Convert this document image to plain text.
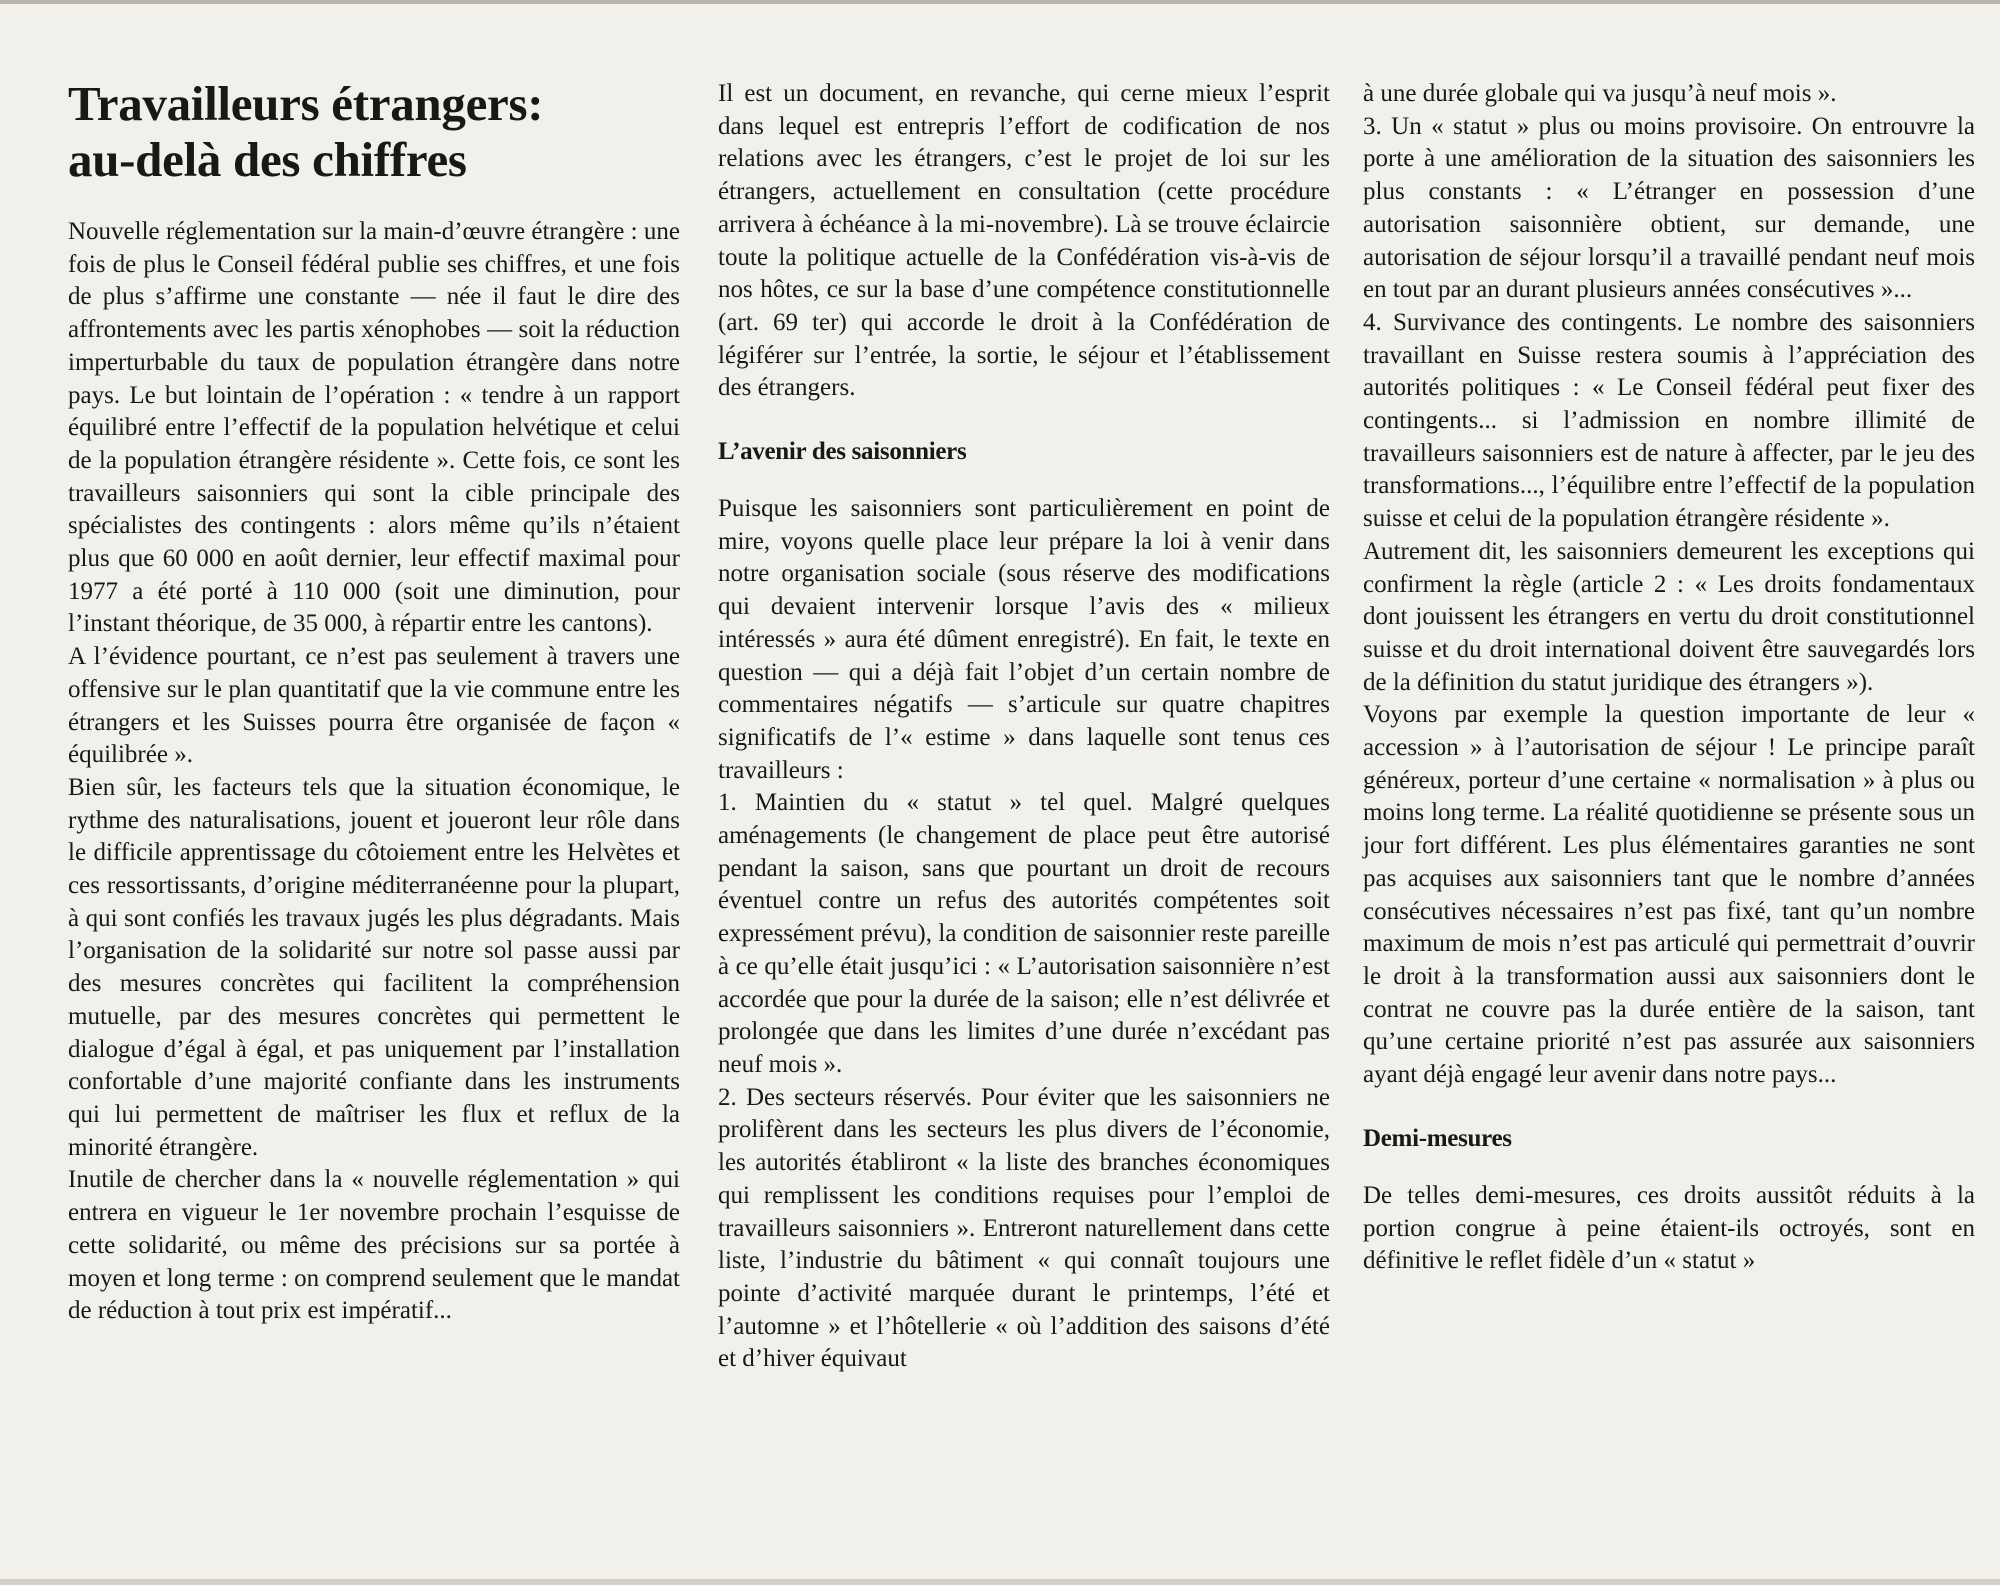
Travailleurs étrangers:
au-delà des chiffres

Nouvelle réglementation sur la main-d’œuvre étrangère : une fois de plus le Conseil fédéral publie ses chiffres, et une fois de plus s’affirme une constante — née il faut le dire des affrontements avec les partis xénophobes — soit la réduction imperturbable du taux de population étrangère dans notre pays. Le but lointain de l’opération : « tendre à un rapport équilibré entre l’effectif de la population helvétique et celui de la population étrangère résidente ». Cette fois, ce sont les travailleurs saisonniers qui sont la cible principale des spécialistes des contingents : alors même qu’ils n’étaient plus que 60 000 en août dernier, leur effectif maximal pour 1977 a été porté à 110 000 (soit une diminution, pour l’instant théorique, de 35 000, à répartir entre les cantons).

A l’évidence pourtant, ce n’est pas seulement à travers une offensive sur le plan quantitatif que la vie commune entre les étrangers et les Suisses pourra être organisée de façon « équilibrée ».

Bien sûr, les facteurs tels que la situation économique, le rythme des naturalisations, jouent et joueront leur rôle dans le difficile apprentissage du côtoiement entre les Helvètes et ces ressortissants, d’origine méditerranéenne pour la plupart, à qui sont confiés les travaux jugés les plus dégradants. Mais l’organisation de la solidarité sur notre sol passe aussi par des mesures concrètes qui facilitent la compréhension mutuelle, par des mesures concrètes qui permettent le dialogue d’égal à égal, et pas uniquement par l’installation confortable d’une majorité confiante dans les instruments qui lui permettent de maîtriser les flux et reflux de la minorité étrangère.

Inutile de chercher dans la « nouvelle réglementation » qui entrera en vigueur le 1er novembre prochain l’esquisse de cette solidarité, ou même des précisions sur sa portée à moyen et long terme : on comprend seulement que le mandat de réduction à tout prix est impératif...

Il est un document, en revanche, qui cerne mieux l’esprit dans lequel est entrepris l’effort de codification de nos relations avec les étrangers, c’est le projet de loi sur les étrangers, actuellement en consultation (cette procédure arrivera à échéance à la mi-novembre). Là se trouve éclaircie toute la politique actuelle de la Confédération vis-à-vis de nos hôtes, ce sur la base d’une compétence constitutionnelle (art. 69 ter) qui accorde le droit à la Confédération de légiférer sur l’entrée, la sortie, le séjour et l’établissement des étrangers.

L’avenir des saisonniers

Puisque les saisonniers sont particulièrement en point de mire, voyons quelle place leur prépare la loi à venir dans notre organisation sociale (sous réserve des modifications qui devaient intervenir lorsque l’avis des « milieux intéressés » aura été dûment enregistré). En fait, le texte en question — qui a déjà fait l’objet d’un certain nombre de commentaires négatifs — s’articule sur quatre chapitres significatifs de l’« estime » dans laquelle sont tenus ces travailleurs :

1. Maintien du « statut » tel quel. Malgré quelques aménagements (le changement de place peut être autorisé pendant la saison, sans que pourtant un droit de recours éventuel contre un refus des autorités compétentes soit expressément prévu), la condition de saisonnier reste pareille à ce qu’elle était jusqu’ici : « L’autorisation saisonnière n’est accordée que pour la durée de la saison; elle n’est délivrée et prolongée que dans les limites d’une durée n’excédant pas neuf mois ».

2. Des secteurs réservés. Pour éviter que les saisonniers ne prolifèrent dans les secteurs les plus divers de l’économie, les autorités établiront « la liste des branches économiques qui remplissent les conditions requises pour l’emploi de travailleurs saisonniers ». Entreront naturellement dans cette liste, l’industrie du bâtiment « qui connaît toujours une pointe d’activité marquée durant le printemps, l’été et l’automne » et l’hôtellerie « où l’addition des saisons d’été et d’hiver équivaut

à une durée globale qui va jusqu’à neuf mois ».

3. Un « statut » plus ou moins provisoire. On entrouvre la porte à une amélioration de la situation des saisonniers les plus constants : « L’étranger en possession d’une autorisation saisonnière obtient, sur demande, une autorisation de séjour lorsqu’il a travaillé pendant neuf mois en tout par an durant plusieurs années consécutives »...

4. Survivance des contingents. Le nombre des saisonniers travaillant en Suisse restera soumis à l’appréciation des autorités politiques : « Le Conseil fédéral peut fixer des contingents... si l’admission en nombre illimité de travailleurs saisonniers est de nature à affecter, par le jeu des transformations..., l’équilibre entre l’effectif de la population suisse et celui de la population étrangère résidente ».

Autrement dit, les saisonniers demeurent les exceptions qui confirment la règle (article 2 : « Les droits fondamentaux dont jouissent les étrangers en vertu du droit constitutionnel suisse et du droit international doivent être sauvegardés lors de la définition du statut juridique des étrangers »).

Voyons par exemple la question importante de leur « accession » à l’autorisation de séjour ! Le principe paraît généreux, porteur d’une certaine « normalisation » à plus ou moins long terme. La réalité quotidienne se présente sous un jour fort différent. Les plus élémentaires garanties ne sont pas acquises aux saisonniers tant que le nombre d’années consécutives nécessaires n’est pas fixé, tant qu’un nombre maximum de mois n’est pas articulé qui permettrait d’ouvrir le droit à la transformation aussi aux saisonniers dont le contrat ne couvre pas la durée entière de la saison, tant qu’une certaine priorité n’est pas assurée aux saisonniers ayant déjà engagé leur avenir dans notre pays...

Demi-mesures

De telles demi-mesures, ces droits aussitôt réduits à la portion congrue à peine étaient-ils octroyés, sont en définitive le reflet fidèle d’un « statut »
